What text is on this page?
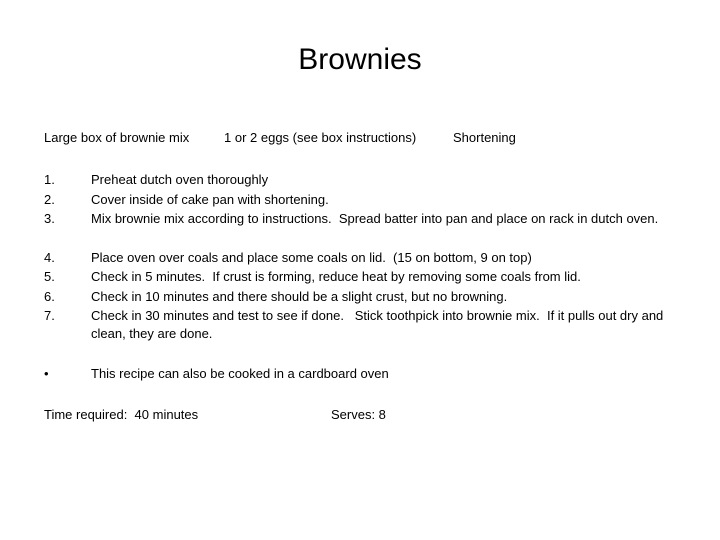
Brownies
Large box of brownie mix	1 or 2 eggs (see box instructions)	Shortening
1.	Preheat dutch oven thoroughly
2.	Cover inside of cake pan with shortening.
3.	Mix brownie mix according to instructions.  Spread batter into pan and place on rack in dutch oven.
4.	Place oven over coals and place some coals on lid.  (15 on bottom, 9 on top)
5.	Check in 5 minutes.  If crust is forming, reduce heat by removing some coals from lid.
6.	Check in 10 minutes and there should be a slight crust, but no browning.
7.	Check in 30 minutes and test to see if done.   Stick toothpick into brownie mix.  If it pulls out dry and clean, they are done.
•	This recipe can also be cooked in a cardboard oven
Time required:  40 minutes	Serves: 8
